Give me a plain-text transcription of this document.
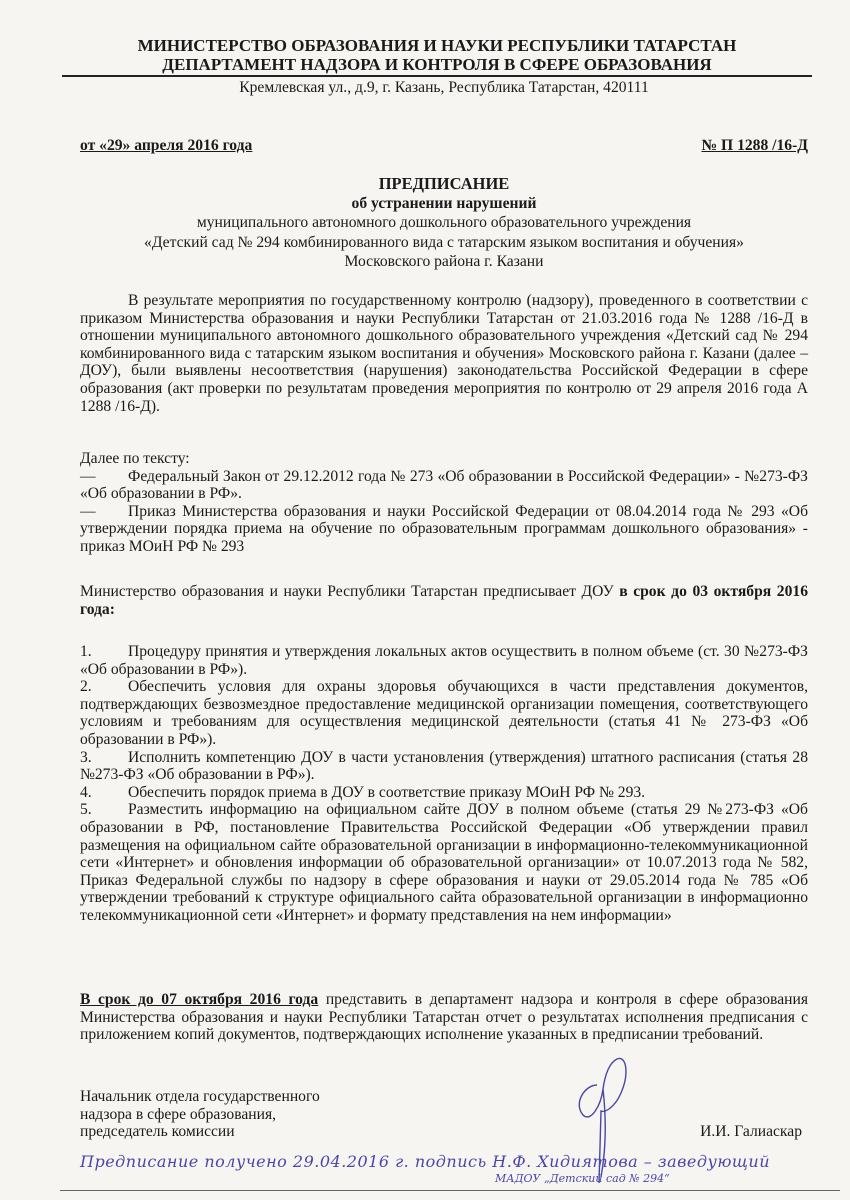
МИНИСТЕРСТВО ОБРАЗОВАНИЯ И НАУКИ РЕСПУБЛИКИ ТАТАРСТАН
ДЕПАРТАМЕНТ НАДЗОРА И КОНТРОЛЯ В СФЕРЕ ОБРАЗОВАНИЯ
Кремлевская ул., д.9, г. Казань, Республика Татарстан, 420111
от «29» апреля 2016 года	№ П 1288 /16-Д
ПРЕДПИСАНИЕ
об устранении нарушений
муниципального автономного дошкольного образовательного учреждения
«Детский сад № 294 комбинированного вида с татарским языком воспитания и обучения»
Московского района г. Казани
В результате мероприятия по государственному контролю (надзору), проведенного в соответствии с приказом Министерства образования и науки Республики Татарстан от 21.03.2016 года № 1288 /16-Д в отношении муниципального автономного дошкольного образовательного учреждения «Детский сад № 294 комбинированного вида с татарским языком воспитания и обучения» Московского района г. Казани (далее – ДОУ), были выявлены несоответствия (нарушения) законодательства Российской Федерации в сфере образования (акт проверки по результатам проведения мероприятия по контролю от 29 апреля 2016 года А 1288 /16-Д).
Далее по тексту:
—	Федеральный Закон от 29.12.2012 года № 273 «Об образовании в Российской Федерации» - №273-ФЗ «Об образовании в РФ».
—	Приказ Министерства образования и науки Российской Федерации от 08.04.2014 года № 293 «Об утверждении порядка приема на обучение по образовательным программам дошкольного образования» - приказ МОиН РФ № 293
Министерство образования и науки Республики Татарстан предписывает ДОУ в срок до 03 октября 2016 года:
1.	Процедуру принятия и утверждения локальных актов осуществить в полном объеме (ст. 30 №273-ФЗ «Об образовании в РФ»).
2.	Обеспечить условия для охраны здоровья обучающихся в части представления документов, подтверждающих безвозмездное предоставление медицинской организации помещения, соответствующего условиям и требованиям для осуществления медицинской деятельности (статья 41 № 273-ФЗ «Об образовании в РФ»).
3.	Исполнить компетенцию ДОУ в части установления (утверждения) штатного расписания (статья 28 №273-ФЗ «Об образовании в РФ»).
4.	Обеспечить порядок приема в ДОУ в соответствие приказу МОиН РФ № 293.
5.	Разместить информацию на официальном сайте ДОУ в полном объеме (статья 29 №273-ФЗ «Об образовании в РФ, постановление Правительства Российской Федерации «Об утверждении правил размещения на официальном сайте образовательной организации в информационно-телекоммуникационной сети «Интернет» и обновления информации об образовательной организации» от 10.07.2013 года № 582, Приказ Федеральной службы по надзору в сфере образования и науки от 29.05.2014 года № 785 «Об утверждении требований к структуре официального сайта образовательной организации в информационно телекоммуникационной сети «Интернет» и формату представления на нем информации»
В срок до 07 октября 2016 года представить в департамент надзора и контроля в сфере образования Министерства образования и науки Республики Татарстан отчет о результатах исполнения предписания с приложением копий документов, подтверждающих исполнение указанных в предписании требований.
Начальник отдела государственного
надзора в сфере образования,
председатель комиссии	И.И. Галиаскар
Предписание получено 29.04.2016 г. подпись Н.Ф. Хидиятова – заведующий
МАДОУ „Детский сад № 294“
